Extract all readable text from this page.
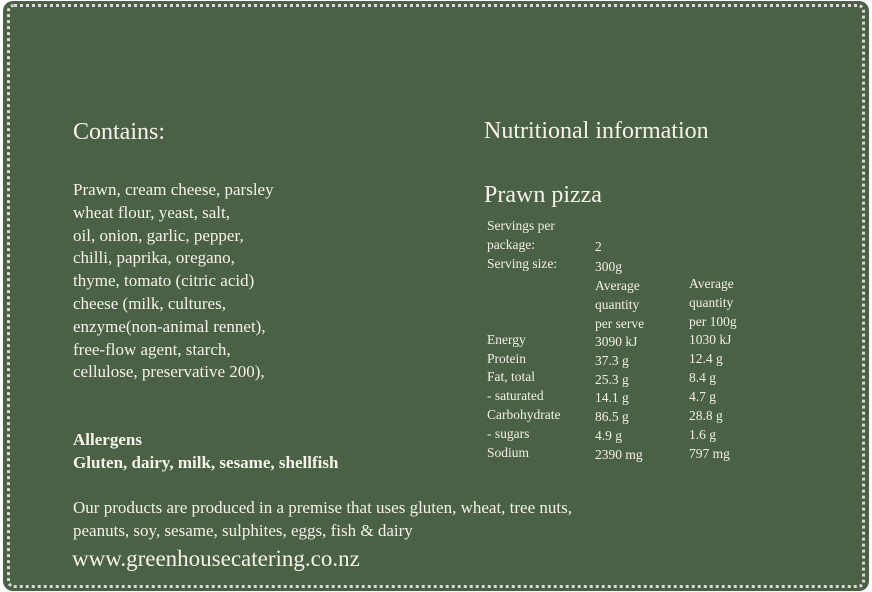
Contains:
Prawn, cream cheese, parsley
wheat flour, yeast, salt,
oil, onion, garlic, pepper,
chilli, paprika, oregano,
thyme, tomato (citric acid)
cheese (milk, cultures,
enzyme(non-animal rennet),
free-flow agent, starch,
cellulose, preservative 200),
Allergens
Gluten, dairy, milk, sesame, shellfish
Our products are produced in a premise that uses gluten, wheat, tree nuts,
peanuts, soy, sesame, sulphites, eggs, fish & dairy
www.greenhousecatering.co.nz
Nutritional information
Prawn pizza
Servings per
package:	2
Serving size:	300g
Average
quantity
per serve
Average
quantity
per 100g
Energy	3090 kJ	1030 kJ
Protein	37.3 g	12.4 g
Fat, total	25.3 g	8.4 g
- saturated	14.1 g	4.7 g
Carbohydrate	86.5 g	28.8 g
- sugars	4.9 g	1.6 g
Sodium	2390 mg	797 mg
